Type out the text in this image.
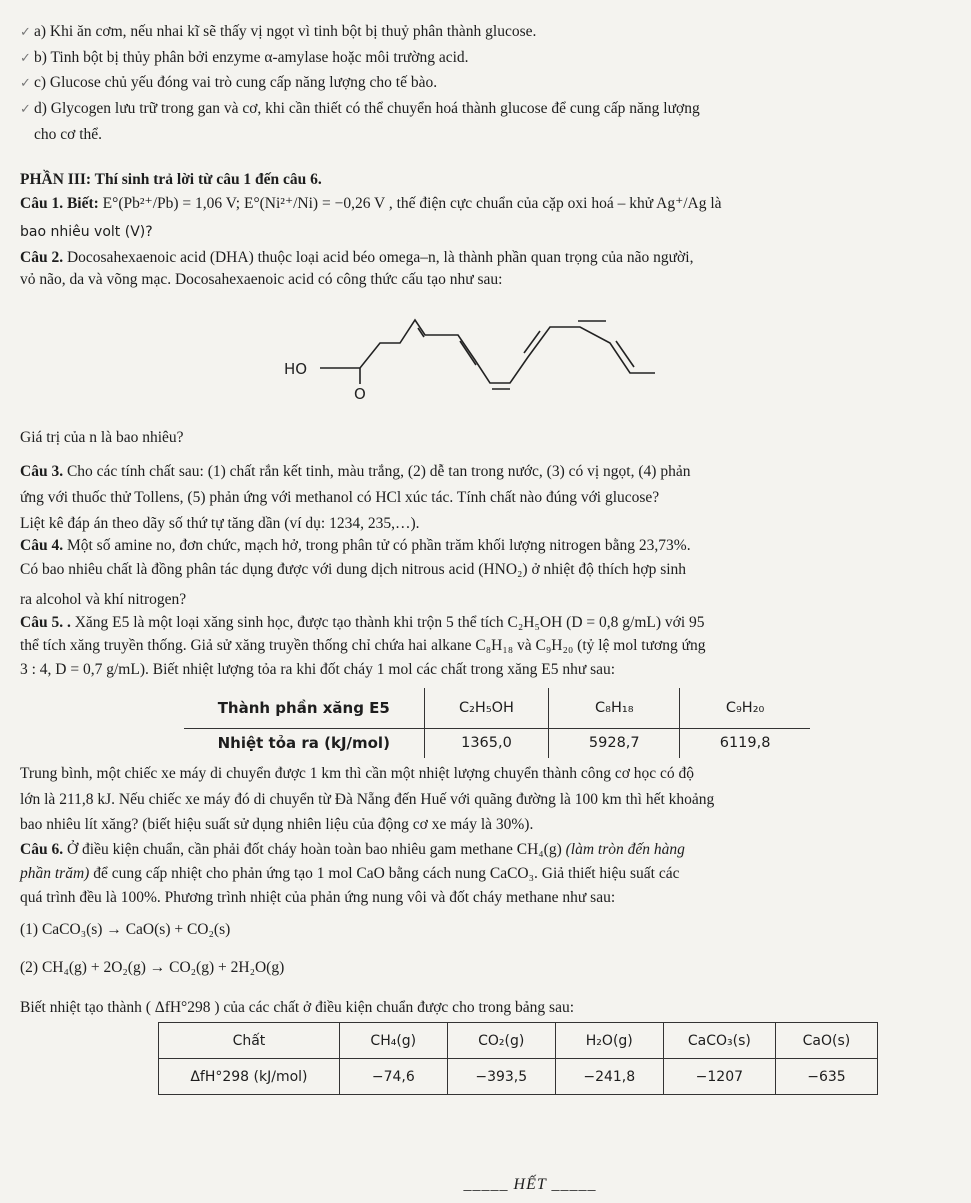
✓ a) Khi ăn cơm, nếu nhai kĩ sẽ thấy vị ngọt vì tinh bột bị thuỷ phân thành glucose.
✓ b) Tinh bột bị thủy phân bởi enzyme α-amylase hoặc môi trường acid.
✓ c) Glucose chủ yếu đóng vai trò cung cấp năng lượng cho tế bào.
✓ d) Glycogen lưu trữ trong gan và cơ, khi cần thiết có thể chuyển hoá thành glucose để cung cấp năng lượng
cho cơ thể.
PHẦN III: Thí sinh trả lời từ câu 1 đến câu 6.
Câu 1. Biết: E°(Pb²⁺/Pb) = 1,06 V; E°(Ni²⁺/Ni) = −0,26 V , thế điện cực chuẩn của cặp oxi hoá – khử Ag⁺/Ag là
bao nhiêu volt (V)?
Câu 2. Docosahexaenoic acid (DHA) thuộc loại acid béo omega–n, là thành phần quan trọng của não người,
vỏ não, da và võng mạc. Docosahexaenoic acid có công thức cấu tạo như sau:
HO
O
Giá trị của n là bao nhiêu?
Câu 3. Cho các tính chất sau: (1) chất rắn kết tinh, màu trắng, (2) dễ tan trong nước, (3) có vị ngọt, (4) phản
ứng với thuốc thử Tollens, (5) phản ứng với methanol có HCl xúc tác. Tính chất nào đúng với glucose?
Liệt kê đáp án theo dãy số thứ tự tăng dần (ví dụ: 1234, 235,…).
Câu 4. Một số amine no, đơn chức, mạch hở, trong phân tử có phần trăm khối lượng nitrogen bằng 23,73%.
Có bao nhiêu chất là đồng phân tác dụng được với dung dịch nitrous acid (HNO₂) ở nhiệt độ thích hợp sinh
ra alcohol và khí nitrogen?
Câu 5. . Xăng E5 là một loại xăng sinh học, được tạo thành khi trộn 5 thể tích C₂H₅OH (D = 0,8 g/mL) với 95
thể tích xăng truyền thống. Giả sử xăng truyền thống chỉ chứa hai alkane C₈H₁₈ và C₉H₂₀ (tỷ lệ mol tương ứng
3 : 4, D = 0,7 g/mL). Biết nhiệt lượng tỏa ra khi đốt cháy 1 mol các chất trong xăng E5 như sau:
Thành phần xăng E5	C₂H₅OH	C₈H₁₈	C₉H₂₀
Nhiệt tỏa ra (kJ/mol)	1365,0	5928,7	6119,8
Trung bình, một chiếc xe máy di chuyển được 1 km thì cần một nhiệt lượng chuyển thành công cơ học có độ
lớn là 211,8 kJ. Nếu chiếc xe máy đó di chuyển từ Đà Nẵng đến Huế với quãng đường là 100 km thì hết khoảng
bao nhiêu lít xăng? (biết hiệu suất sử dụng nhiên liệu của động cơ xe máy là 30%).
Câu 6. Ở điều kiện chuẩn, cần phải đốt cháy hoàn toàn bao nhiêu gam methane CH₄(g) (làm tròn đến hàng
phần trăm) để cung cấp nhiệt cho phản ứng tạo 1 mol CaO bằng cách nung CaCO₃. Giả thiết hiệu suất các
quá trình đều là 100%. Phương trình nhiệt của phản ứng nung vôi và đốt cháy methane như sau:
(1) CaCO₃(s) → CaO(s) + CO₂(s)
(2) CH₄(g) + 2O₂(g) → CO₂(g) + 2H₂O(g)
Biết nhiệt tạo thành ( ΔfH°298 ) của các chất ở điều kiện chuẩn được cho trong bảng sau:
Chất	CH₄(g)	CO₂(g)	H₂O(g)	CaCO₃(s)	CaO(s)
ΔfH°298 (kJ/mol)	−74,6	−393,5	−241,8	−1207	−635
_____ HẾT _____
